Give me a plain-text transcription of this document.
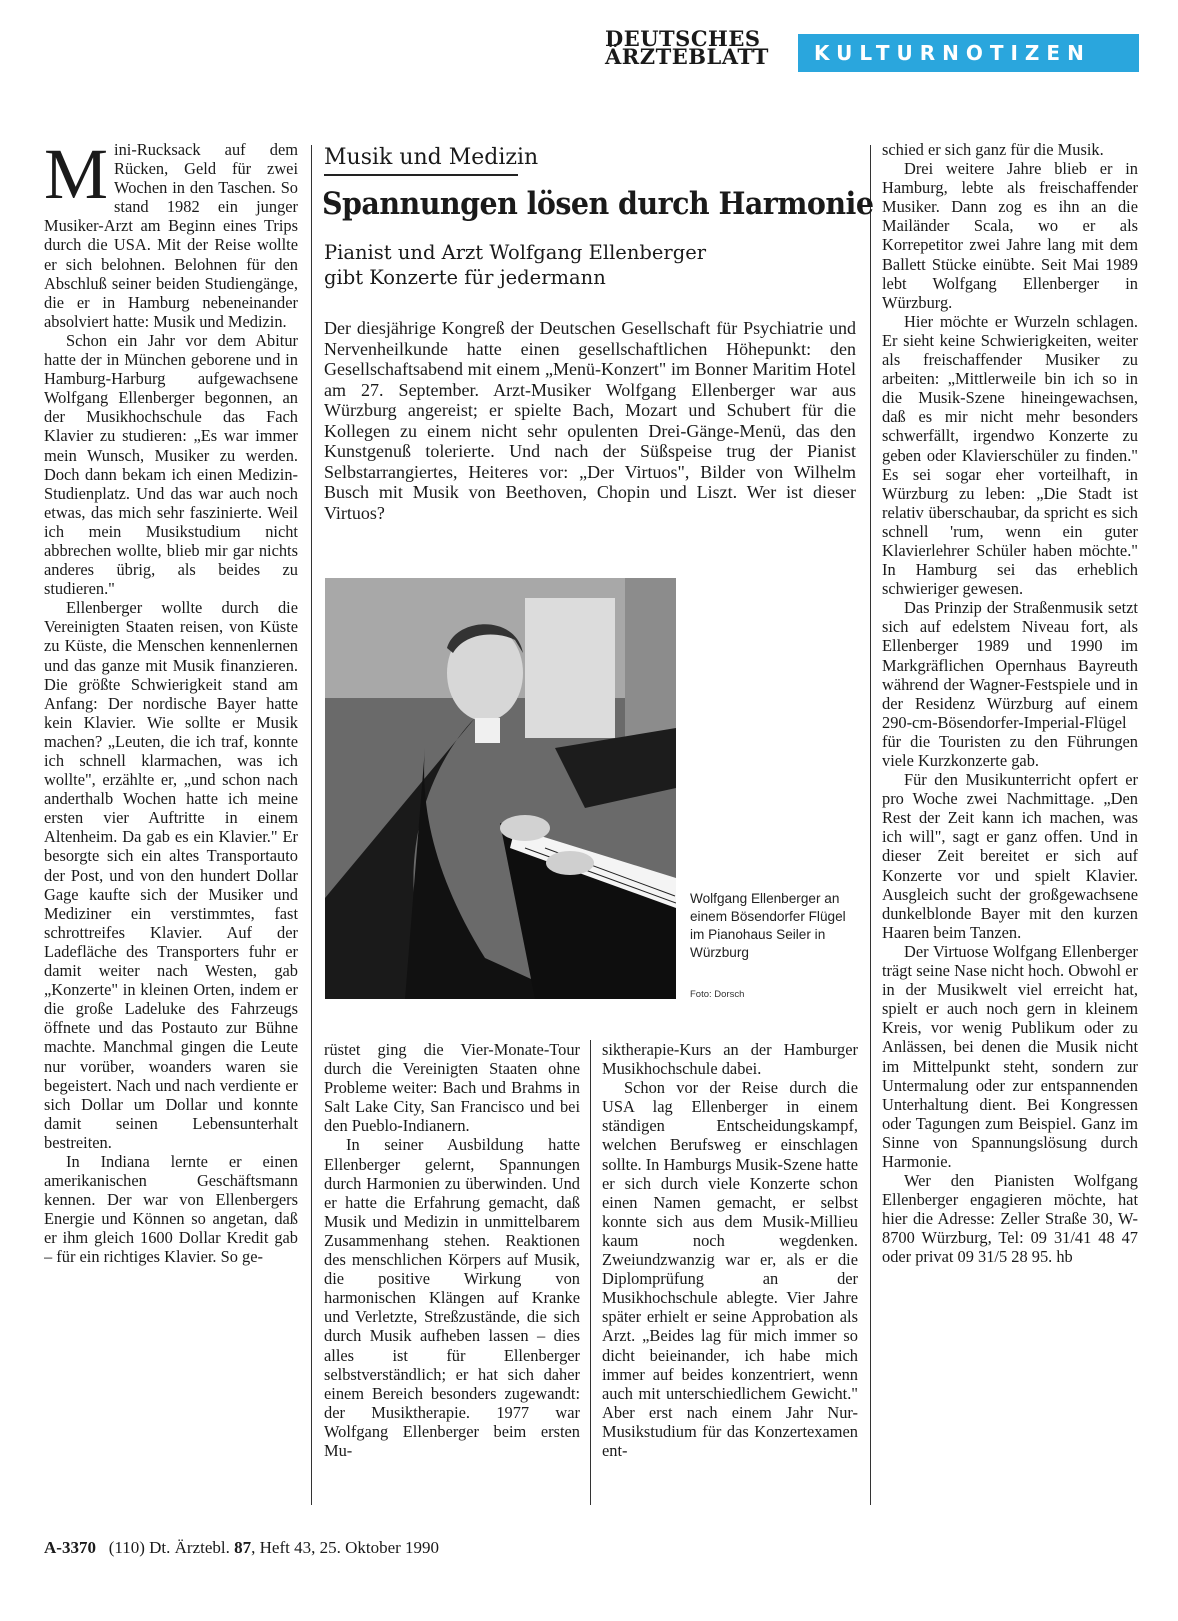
DEUTSCHES
ÄRZTEBLATT	KULTURNOTIZEN

Mini-Rucksack auf dem Rücken, Geld für zwei Wochen in den Taschen. So stand 1982 ein junger Musiker-Arzt am Beginn eines Trips durch die USA. Mit der Reise wollte er sich belohnen. Belohnen für den Abschluß seiner beiden Studiengänge, die er in Hamburg nebeneinander absolviert hatte: Musik und Medizin.

Schon ein Jahr vor dem Abitur hatte der in München geborene und in Hamburg-Harburg aufgewachsene Wolfgang Ellenberger begonnen, an der Musikhochschule das Fach Klavier zu studieren: „Es war immer mein Wunsch, Musiker zu werden. Doch dann bekam ich einen Medizin-Studienplatz. Und das war auch noch etwas, das mich sehr faszinierte. Weil ich mein Musikstudium nicht abbrechen wollte, blieb mir gar nichts anderes übrig, als beides zu studieren."

Ellenberger wollte durch die Vereinigten Staaten reisen, von Küste zu Küste, die Menschen kennenlernen und das ganze mit Musik finanzieren. Die größte Schwierigkeit stand am Anfang: Der nordische Bayer hatte kein Klavier. Wie sollte er Musik machen? „Leuten, die ich traf, konnte ich schnell klarmachen, was ich wollte", erzählte er, „und schon nach anderthalb Wochen hatte ich meine ersten vier Auftritte in einem Altenheim. Da gab es ein Klavier." Er besorgte sich ein altes Transportauto der Post, und von den hundert Dollar Gage kaufte sich der Musiker und Mediziner ein verstimmtes, fast schrottreifes Klavier. Auf der Ladefläche des Transporters fuhr er damit weiter nach Westen, gab „Konzerte" in kleinen Orten, indem er die große Ladeluke des Fahrzeugs öffnete und das Postauto zur Bühne machte. Manchmal gingen die Leute nur vorüber, woanders waren sie begeistert. Nach und nach verdiente er sich Dollar um Dollar und konnte damit seinen Lebensunterhalt bestreiten.

In Indiana lernte er einen amerikanischen Geschäftsmann kennen. Der war von Ellenbergers Energie und Können so angetan, daß er ihm gleich 1600 Dollar Kredit gab – für ein richtiges Klavier. So ge-

Musik und Medizin
Spannungen lösen durch Harmonie
Pianist und Arzt Wolfgang Ellenberger
gibt Konzerte für jedermann
Der diesjährige Kongreß der Deutschen Gesellschaft für Psychiatrie und Nervenheilkunde hatte einen gesellschaftlichen Höhepunkt: den Gesellschaftsabend mit einem „Menü-Konzert" im Bonner Maritim Hotel am 27. September. Arzt-Musiker Wolfgang Ellenberger war aus Würzburg angereist; er spielte Bach, Mozart und Schubert für die Kollegen zu einem nicht sehr opulenten Drei-Gänge-Menü, das den Kunstgenuß tolerierte. Und nach der Süßspeise trug der Pianist Selbstarrangiertes, Heiteres vor: „Der Virtuos", Bilder von Wilhelm Busch mit Musik von Beethoven, Chopin und Liszt. Wer ist dieser Virtuos?
Wolfgang Ellenberger an einem Bösendorfer Flügel im Pianohaus Seiler in Würzburg
Foto: Dorsch

rüstet ging die Vier-Monate-Tour durch die Vereinigten Staaten ohne Probleme weiter: Bach und Brahms in Salt Lake City, San Francisco und bei den Pueblo-Indianern.

In seiner Ausbildung hatte Ellenberger gelernt, Spannungen durch Harmonien zu überwinden. Und er hatte die Erfahrung gemacht, daß Musik und Medizin in unmittelbarem Zusammenhang stehen. Reaktionen des menschlichen Körpers auf Musik, die positive Wirkung von harmonischen Klängen auf Kranke und Verletzte, Streßzustände, die sich durch Musik aufheben lassen – dies alles ist für Ellenberger selbstverständlich; er hat sich daher einem Bereich besonders zugewandt: der Musiktherapie. 1977 war Wolfgang Ellenberger beim ersten Mu-

siktherapie-Kurs an der Hamburger Musikhochschule dabei.

Schon vor der Reise durch die USA lag Ellenberger in einem ständigen Entscheidungskampf, welchen Berufsweg er einschlagen sollte. In Hamburgs Musik-Szene hatte er sich durch viele Konzerte schon einen Namen gemacht, er selbst konnte sich aus dem Musik-Millieu kaum noch wegdenken. Zweiundzwanzig war er, als er die Diplomprüfung an der Musikhochschule ablegte. Vier Jahre später erhielt er seine Approbation als Arzt. „Beides lag für mich immer so dicht beieinander, ich habe mich immer auf beides konzentriert, wenn auch mit unterschiedlichem Gewicht." Aber erst nach einem Jahr Nur-Musikstudium für das Konzertexamen ent-

schied er sich ganz für die Musik.

Drei weitere Jahre blieb er in Hamburg, lebte als freischaffender Musiker. Dann zog es ihn an die Mailänder Scala, wo er als Korrepetitor zwei Jahre lang mit dem Ballett Stücke einübte. Seit Mai 1989 lebt Wolfgang Ellenberger in Würzburg.

Hier möchte er Wurzeln schlagen. Er sieht keine Schwierigkeiten, weiter als freischaffender Musiker zu arbeiten: „Mittlerweile bin ich so in die Musik-Szene hineingewachsen, daß es mir nicht mehr besonders schwerfällt, irgendwo Konzerte zu geben oder Klavierschüler zu finden." Es sei sogar eher vorteilhaft, in Würzburg zu leben: „Die Stadt ist relativ überschaubar, da spricht es sich schnell 'rum, wenn ein guter Klavierlehrer Schüler haben möchte." In Hamburg sei das erheblich schwieriger gewesen.

Das Prinzip der Straßenmusik setzt sich auf edelstem Niveau fort, als Ellenberger 1989 und 1990 im Markgräflichen Opernhaus Bayreuth während der Wagner-Festspiele und in der Residenz Würzburg auf einem 290-cm-Bösendorfer-Imperial-Flügel für die Touristen zu den Führungen viele Kurzkonzerte gab.

Für den Musikunterricht opfert er pro Woche zwei Nachmittage. „Den Rest der Zeit kann ich machen, was ich will", sagt er ganz offen. Und in dieser Zeit bereitet er sich auf Konzerte vor und spielt Klavier. Ausgleich sucht der großgewachsene dunkelblonde Bayer mit den kurzen Haaren beim Tanzen.

Der Virtuose Wolfgang Ellenberger trägt seine Nase nicht hoch. Obwohl er in der Musikwelt viel erreicht hat, spielt er auch noch gern in kleinem Kreis, vor wenig Publikum oder zu Anlässen, bei denen die Musik nicht im Mittelpunkt steht, sondern zur Untermalung oder zur entspannenden Unterhaltung dient. Bei Kongressen oder Tagungen zum Beispiel. Ganz im Sinne von Spannungslösung durch Harmonie.

Wer den Pianisten Wolfgang Ellenberger engagieren möchte, hat hier die Adresse: Zeller Straße 30, W-8700 Würzburg, Tel: 09 31/41 48 47 oder privat 09 31/5 28 95. hb

A-3370 (110) Dt. Ärztebl. 87, Heft 43, 25. Oktober 1990
